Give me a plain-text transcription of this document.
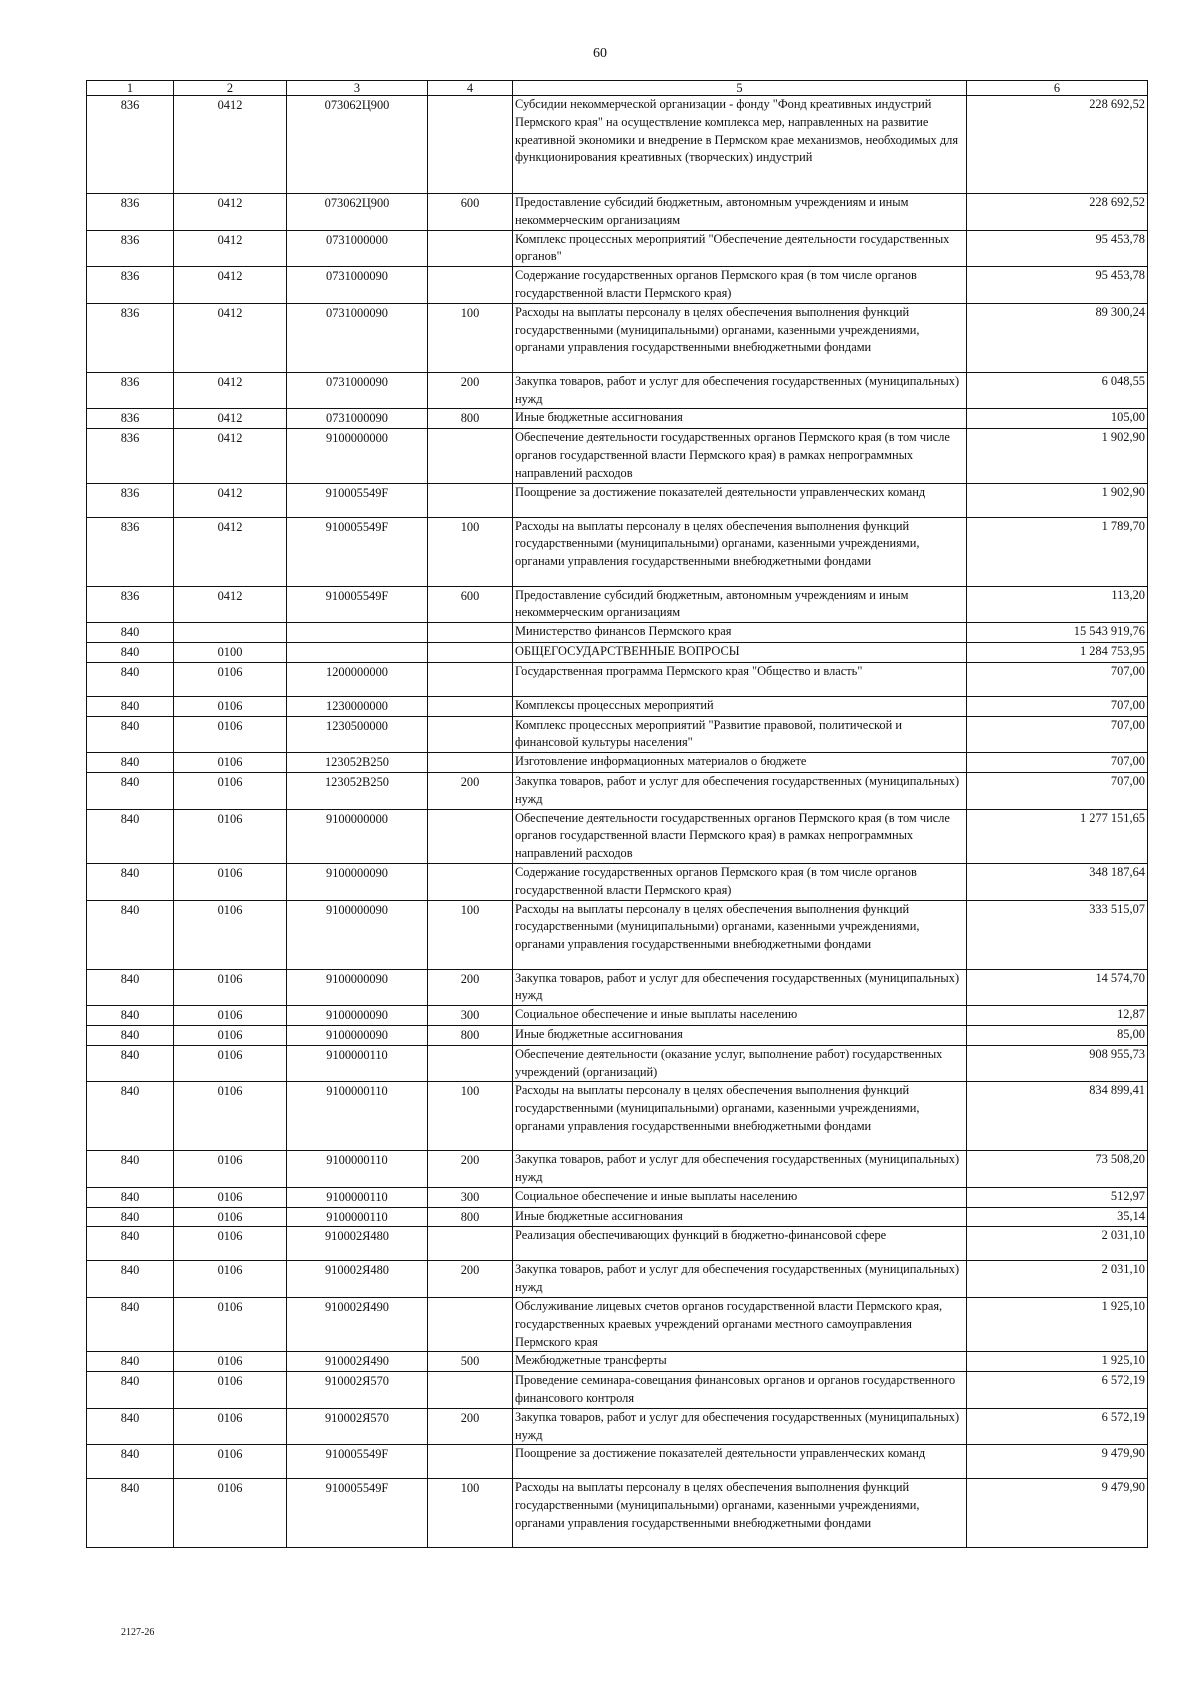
60
1	2	3	4	5	6
836	0412	073062Ц900		Субсидии некоммерческой организации - фонду "Фонд креативных индустрий Пермского края" на осуществление комплекса мер, направленных на развитие креативной экономики и внедрение в Пермском крае механизмов, необходимых для функционирования креативных (творческих) индустрий	228 692,52
836	0412	073062Ц900	600	Предоставление субсидий бюджетным, автономным учреждениям и иным некоммерческим организациям	228 692,52
836	0412	0731000000		Комплекс процессных мероприятий "Обеспечение деятельности государственных органов"	95 453,78
836	0412	0731000090		Содержание государственных органов Пермского края (в том числе органов государственной власти Пермского края)	95 453,78
836	0412	0731000090	100	Расходы на выплаты персоналу в целях обеспечения выполнения функций государственными (муниципальными) органами, казенными учреждениями, органами управления государственными внебюджетными фондами	89 300,24
836	0412	0731000090	200	Закупка товаров, работ и услуг для обеспечения государственных (муниципальных) нужд	6 048,55
836	0412	0731000090	800	Иные бюджетные ассигнования	105,00
836	0412	9100000000		Обеспечение деятельности государственных органов Пермского края (в том числе органов государственной власти Пермского края) в рамках непрограммных направлений расходов	1 902,90
836	0412	910005549F		Поощрение за достижение показателей деятельности управленческих команд	1 902,90
836	0412	910005549F	100	Расходы на выплаты персоналу в целях обеспечения выполнения функций государственными (муниципальными) органами, казенными учреждениями, органами управления государственными внебюджетными фондами	1 789,70
836	0412	910005549F	600	Предоставление субсидий бюджетным, автономным учреждениям и иным некоммерческим организациям	113,20
840				Министерство финансов Пермского края	15 543 919,76
840	0100			ОБЩЕГОСУДАРСТВЕННЫЕ ВОПРОСЫ	1 284 753,95
840	0106	1200000000		Государственная программа Пермского края "Общество и власть"	707,00
840	0106	1230000000		Комплексы процессных мероприятий	707,00
840	0106	1230500000		Комплекс процессных мероприятий "Развитие правовой, политической и финансовой культуры населения"	707,00
840	0106	123052B250		Изготовление информационных материалов о бюджете	707,00
840	0106	123052B250	200	Закупка товаров, работ и услуг для обеспечения государственных (муниципальных) нужд	707,00
840	0106	9100000000		Обеспечение деятельности государственных органов Пермского края (в том числе органов государственной власти Пермского края) в рамках непрограммных направлений расходов	1 277 151,65
840	0106	9100000090		Содержание государственных органов Пермского края (в том числе органов государственной власти Пермского края)	348 187,64
840	0106	9100000090	100	Расходы на выплаты персоналу в целях обеспечения выполнения функций государственными (муниципальными) органами, казенными учреждениями, органами управления государственными внебюджетными фондами	333 515,07
840	0106	9100000090	200	Закупка товаров, работ и услуг для обеспечения государственных (муниципальных) нужд	14 574,70
840	0106	9100000090	300	Социальное обеспечение и иные выплаты населению	12,87
840	0106	9100000090	800	Иные бюджетные ассигнования	85,00
840	0106	9100000110		Обеспечение деятельности (оказание услуг, выполнение работ) государственных учреждений (организаций)	908 955,73
840	0106	9100000110	100	Расходы на выплаты персоналу в целях обеспечения выполнения функций государственными (муниципальными) органами, казенными учреждениями, органами управления государственными внебюджетными фондами	834 899,41
840	0106	9100000110	200	Закупка товаров, работ и услуг для обеспечения государственных (муниципальных) нужд	73 508,20
840	0106	9100000110	300	Социальное обеспечение и иные выплаты населению	512,97
840	0106	9100000110	800	Иные бюджетные ассигнования	35,14
840	0106	910002Я480		Реализация обеспечивающих функций в бюджетно-финансовой сфере	2 031,10
840	0106	910002Я480	200	Закупка товаров, работ и услуг для обеспечения государственных (муниципальных) нужд	2 031,10
840	0106	910002Я490		Обслуживание лицевых счетов органов государственной власти Пермского края, государственных краевых учреждений органами местного самоуправления Пермского края	1 925,10
840	0106	910002Я490	500	Межбюджетные трансферты	1 925,10
840	0106	910002Я570		Проведение семинара-совещания финансовых органов и органов государственного финансового контроля	6 572,19
840	0106	910002Я570	200	Закупка товаров, работ и услуг для обеспечения государственных (муниципальных) нужд	6 572,19
840	0106	910005549F		Поощрение за достижение показателей деятельности управленческих команд	9 479,90
840	0106	910005549F	100	Расходы на выплаты персоналу в целях обеспечения выполнения функций государственными (муниципальными) органами, казенными учреждениями, органами управления государственными внебюджетными фондами	9 479,90
2127-26
